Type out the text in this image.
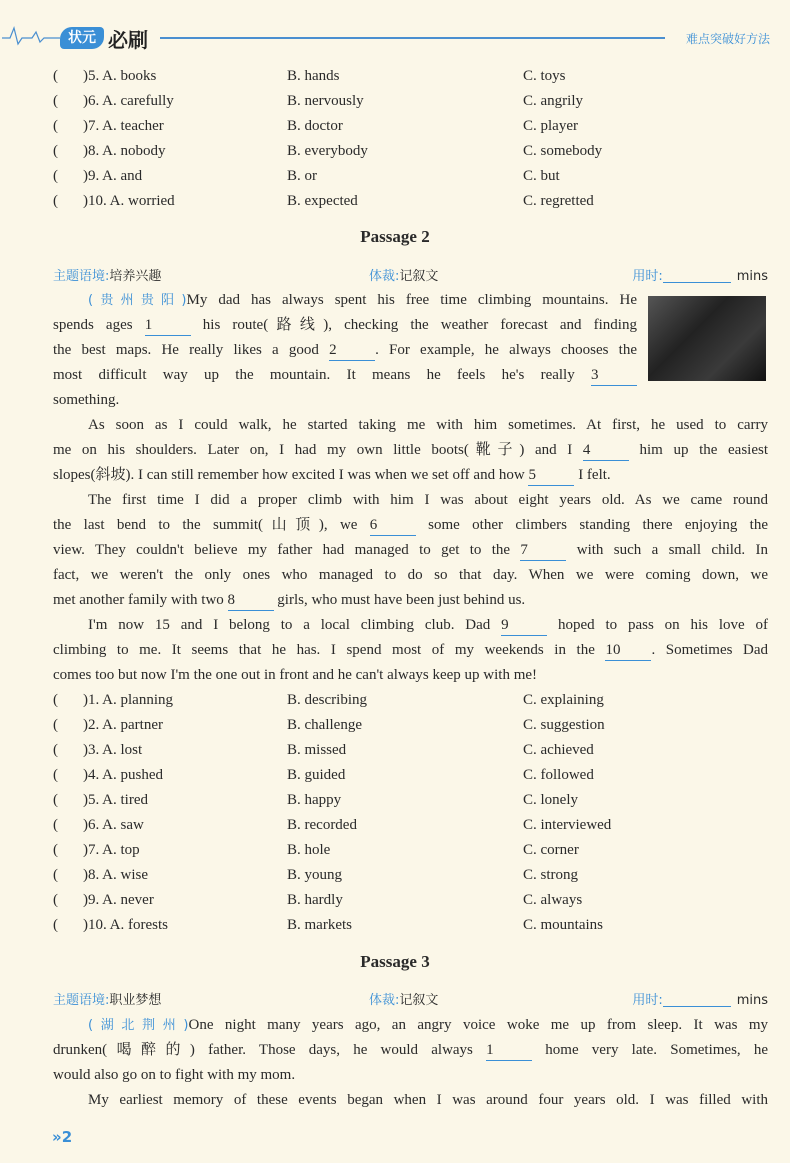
状元 必刷	难点突破好方法
( )5. A. books	B. hands	C. toys
( )6. A. carefully	B. nervously	C. angrily
( )7. A. teacher	B. doctor	C. player
( )8. A. nobody	B. everybody	C. somebody
( )9. A. and	B. or	C. but
( )10. A. worried	B. expected	C. regretted
Passage 2
主题语境:培养兴趣	体裁:记叙文	用时:	mins
(贵州贵阳)My dad has always spent his free time climbing mountains. He
spends ages 1	his route(路线), checking the weather forecast and finding
the best maps. He really likes a good 2	. For example, he always chooses the
most difficult way up the mountain. It means he feels he's really 3
something.
As soon as I could walk, he started taking me with him sometimes. At first, he used to carry
me on his shoulders. Later on, I had my own little boots(靴子) and I 4	him up the easiest
slopes(斜坡). I can still remember how excited I was when we set off and how 5	I felt.
The first time I did a proper climb with him I was about eight years old. As we came round
the last bend to the summit(山顶), we 6	some other climbers standing there enjoying the
view. They couldn't believe my father had managed to get to the 7	with such a small child. In
fact, we weren't the only ones who managed to do so that day. When we were coming down, we
met another family with two 8	girls, who must have been just behind us.
I'm now 15 and I belong to a local climbing club. Dad 9	hoped to pass on his love of
climbing to me. It seems that he has. I spend most of my weekends in the 10 . Sometimes Dad
comes too but now I'm the one out in front and he can't always keep up with me!
( )1. A. planning	B. describing	C. explaining
( )2. A. partner	B. challenge	C. suggestion
( )3. A. lost	B. missed	C. achieved
( )4. A. pushed	B. guided	C. followed
( )5. A. tired	B. happy	C. lonely
( )6. A. saw	B. recorded	C. interviewed
( )7. A. top	B. hole	C. corner
( )8. A. wise	B. young	C. strong
( )9. A. never	B. hardly	C. always
( )10. A. forests	B. markets	C. mountains
Passage 3
主题语境:职业梦想	体裁:记叙文	用时:	mins
(湖北荆州)One night many years ago, an angry voice woke me up from sleep. It was my
drunken(喝醉的) father. Those days, he would always 1	home very late. Sometimes, he
would also go on to fight with my mom.
My earliest memory of these events began when I was around four years old. I was filled with
»2
